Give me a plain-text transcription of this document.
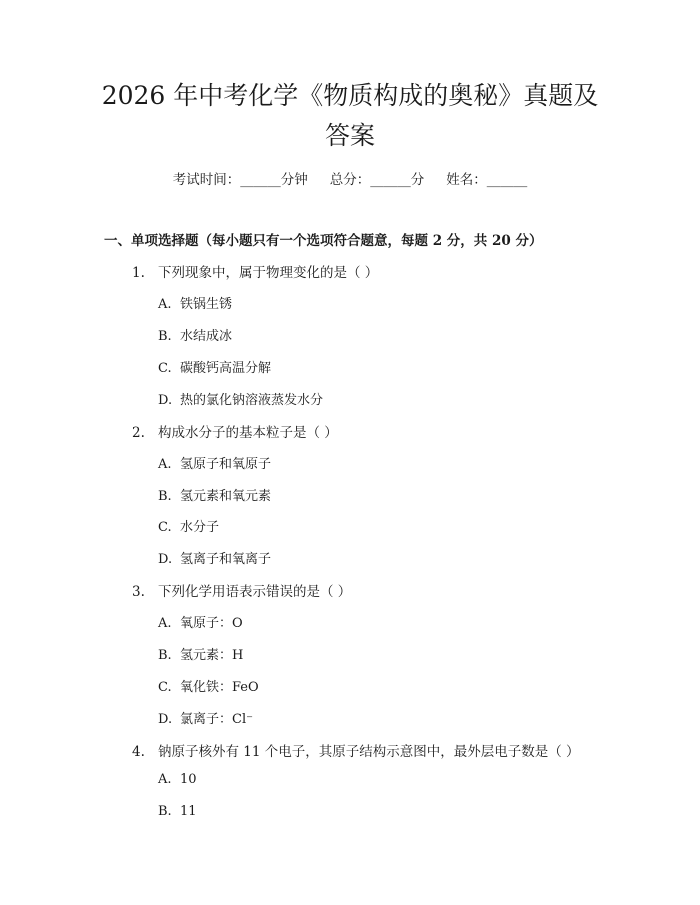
2026 年中考化学《物质构成的奥秘》真题及
答案
考试时间：______分钟 总分：______分 姓名：______
一、单项选择题（每小题只有一个选项符合题意，每题 2 分，共 20 分）
1. 下列现象中，属于物理变化的是（ ）
A. 铁锅生锈
B. 水结成冰
C. 碳酸钙高温分解
D. 热的氯化钠溶液蒸发水分
2. 构成水分子的基本粒子是（ ）
A. 氢原子和氧原子
B. 氢元素和氧元素
C. 水分子
D. 氢离子和氧离子
3. 下列化学用语表示错误的是（ ）
A. 氧原子：O
B. 氢元素：H
C. 氧化铁：FeO
D. 氯离子：Cl⁻
4. 钠原子核外有 11 个电子，其原子结构示意图中，最外层电子数是（ ）
A. 10
B. 11
